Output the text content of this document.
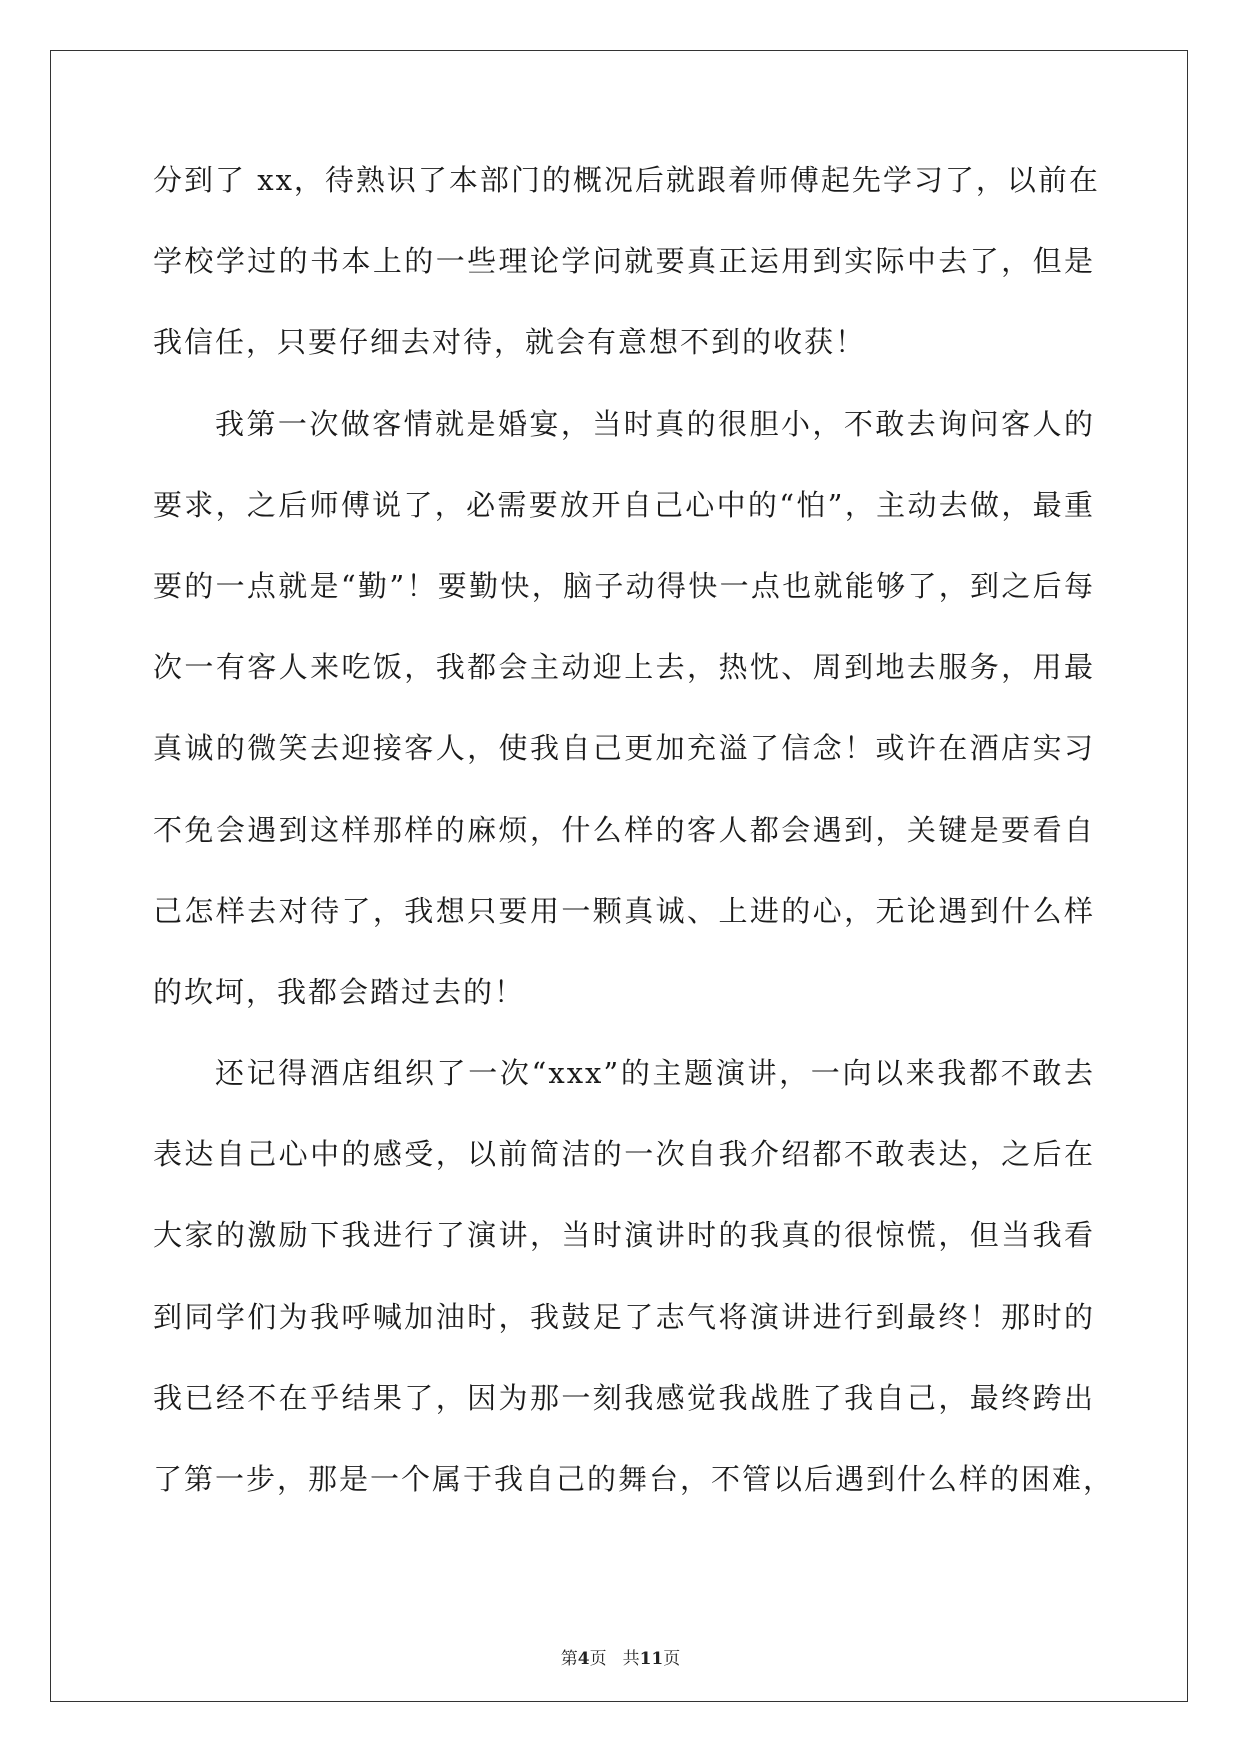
分到了 xx，待熟识了本部门的概况后就跟着师傅起先学习了，以前在
学校学过的书本上的一些理论学问就要真正运用到实际中去了，但是
我信任，只要仔细去对待，就会有意想不到的收获！
我第一次做客情就是婚宴，当时真的很胆小，不敢去询问客人的
要求，之后师傅说了，必需要放开自己心中的“怕”，主动去做，最重
要的一点就是“勤”！要勤快，脑子动得快一点也就能够了，到之后每
次一有客人来吃饭，我都会主动迎上去，热忱、周到地去服务，用最
真诚的微笑去迎接客人，使我自己更加充溢了信念！或许在酒店实习
不免会遇到这样那样的麻烦，什么样的客人都会遇到，关键是要看自
己怎样去对待了，我想只要用一颗真诚、上进的心，无论遇到什么样
的坎坷，我都会踏过去的！
还记得酒店组织了一次“xxx”的主题演讲，一向以来我都不敢去
表达自己心中的感受，以前简洁的一次自我介绍都不敢表达，之后在
大家的激励下我进行了演讲，当时演讲时的我真的很惊慌，但当我看
到同学们为我呼喊加油时，我鼓足了志气将演讲进行到最终！那时的
我已经不在乎结果了，因为那一刻我感觉我战胜了我自己，最终跨出
了第一步，那是一个属于我自己的舞台，不管以后遇到什么样的困难，
第4页 共11页
